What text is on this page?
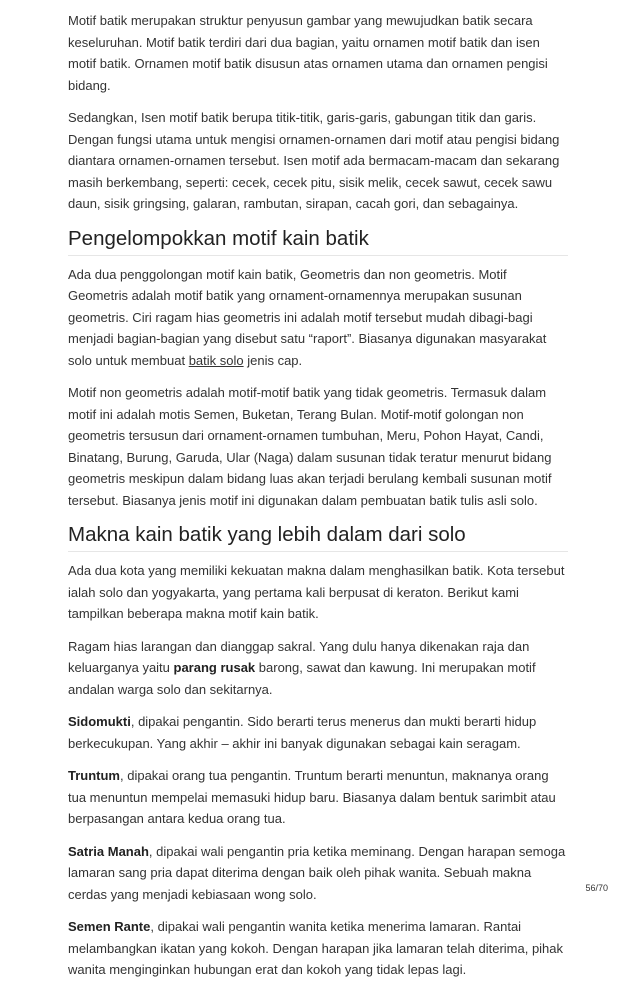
Motif batik merupakan struktur penyusun gambar yang mewujudkan batik secara keseluruhan. Motif batik terdiri dari dua bagian, yaitu ornamen motif batik dan isen motif batik. Ornamen motif batik disusun atas ornamen utama dan ornamen pengisi bidang.

Sedangkan, Isen motif batik berupa titik-titik, garis-garis, gabungan titik dan garis. Dengan fungsi utama untuk mengisi ornamen-ornamen dari motif atau pengisi bidang diantara ornamen-ornamen tersebut. Isen motif ada bermacam-macam dan sekarang masih berkembang, seperti: cecek, cecek pitu, sisik melik, cecek sawut, cecek sawu daun, sisik gringsing, galaran, rambutan, sirapan, cacah gori, dan sebagainya.

Pengelompokkan motif kain batik

Ada dua penggolongan motif kain batik, Geometris dan non geometris. Motif Geometris adalah motif batik yang ornament-ornamennya merupakan susunan geometris. Ciri ragam hias geometris ini adalah motif tersebut mudah dibagi-bagi menjadi bagian-bagian yang disebut satu “raport”. Biasanya digunakan masyarakat solo untuk membuat batik solo jenis cap.

Motif non geometris adalah motif-motif batik yang tidak geometris. Termasuk dalam motif ini adalah motis Semen, Buketan, Terang Bulan. Motif-motif golongan non geometris tersusun dari ornament-ornamen tumbuhan, Meru, Pohon Hayat, Candi, Binatang, Burung, Garuda, Ular (Naga) dalam susunan tidak teratur menurut bidang geometris meskipun dalam bidang luas akan terjadi berulang kembali susunan motif tersebut. Biasanya jenis motif ini digunakan dalam pembuatan batik tulis asli solo.

Makna kain batik yang lebih dalam dari solo

Ada dua kota yang memiliki kekuatan makna dalam menghasilkan batik. Kota tersebut ialah solo dan yogyakarta, yang pertama kali berpusat di keraton. Berikut kami tampilkan beberapa makna motif kain batik.

Ragam hias larangan dan dianggap sakral. Yang dulu hanya dikenakan raja dan keluarganya yaitu parang rusak barong, sawat dan kawung. Ini merupakan motif andalan warga solo dan sekitarnya.

Sidomukti, dipakai pengantin. Sido berarti terus menerus dan mukti berarti hidup berkecukupan. Yang akhir – akhir ini banyak digunakan sebagai kain seragam.

Truntum, dipakai orang tua pengantin. Truntum berarti menuntun, maknanya orang tua menuntun mempelai memasuki hidup baru. Biasanya dalam bentuk sarimbit atau berpasangan antara kedua orang tua.

Satria Manah, dipakai wali pengantin pria ketika meminang. Dengan harapan semoga lamaran sang pria dapat diterima dengan baik oleh pihak wanita. Sebuah makna cerdas yang menjadi kebiasaan wong solo.

Semen Rante, dipakai wali pengantin wanita ketika menerima lamaran. Rantai melambangkan ikatan yang kokoh. Dengan harapan jika lamaran telah diterima, pihak wanita menginginkan hubungan erat dan kokoh yang tidak lepas lagi.

56/70
